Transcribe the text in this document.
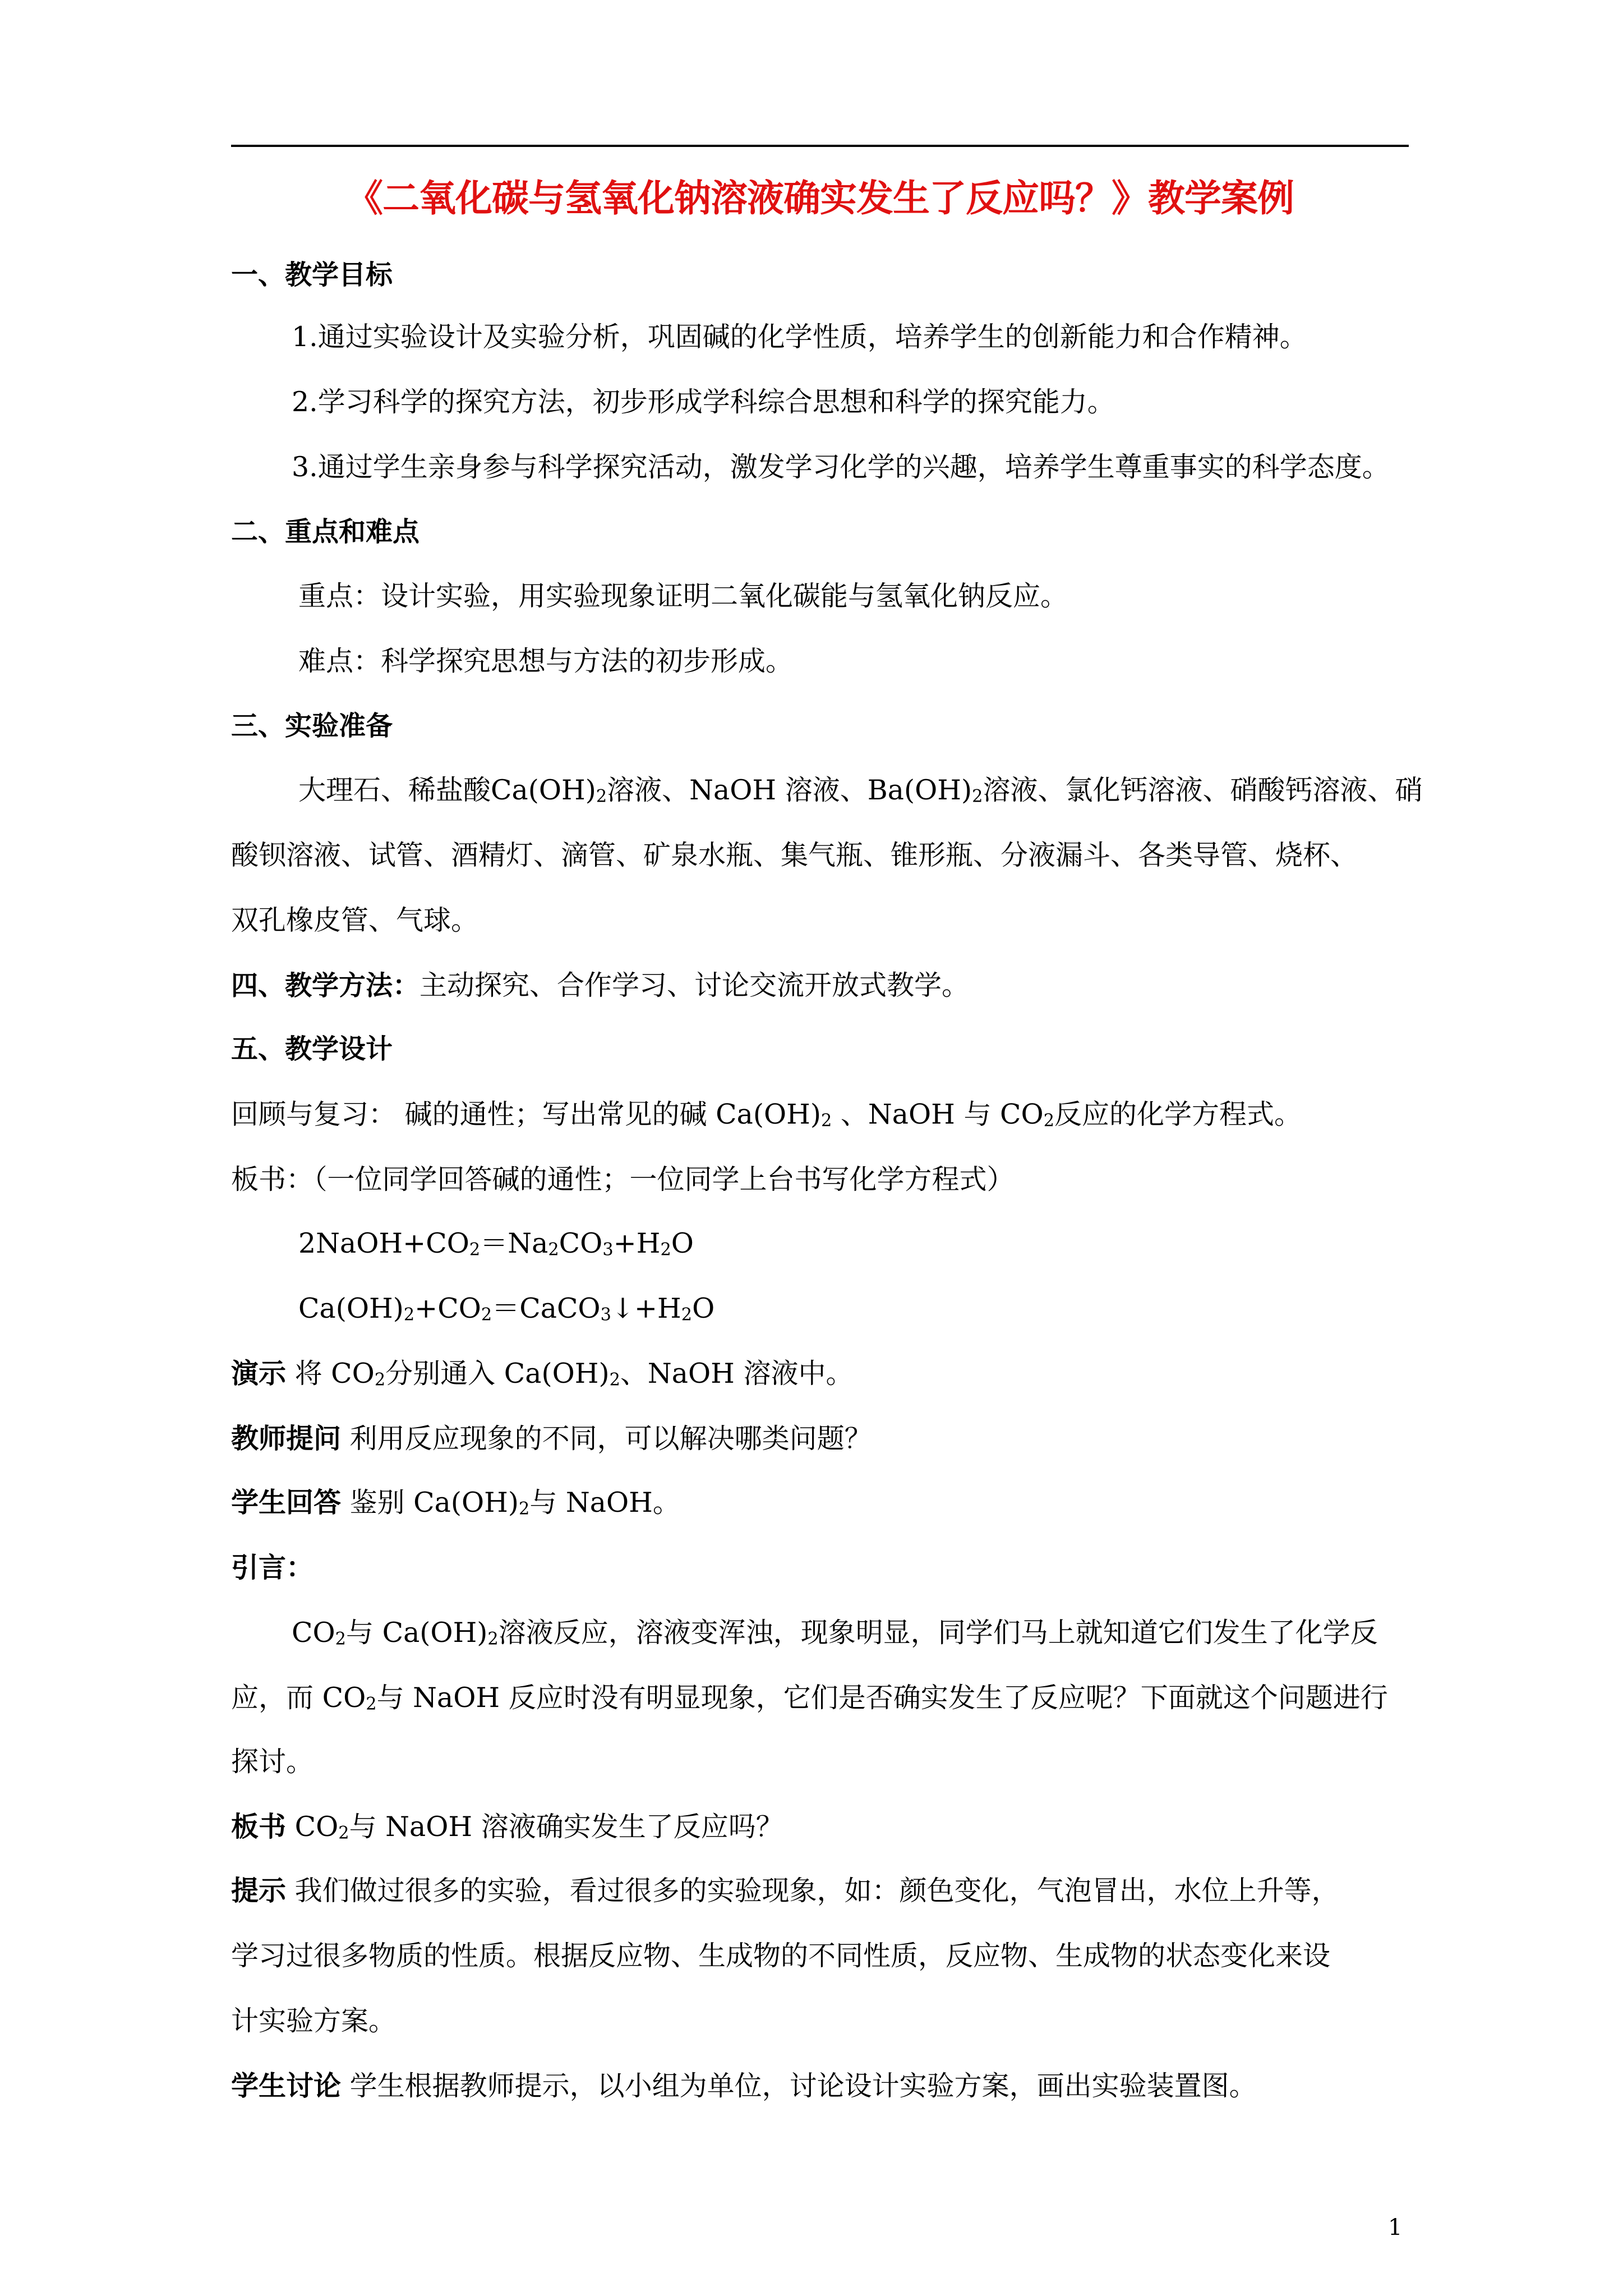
《二氧化碳与氢氧化钠溶液确实发生了反应吗？》教学案例
一、教学目标
1.通过实验设计及实验分析，巩固碱的化学性质，培养学生的创新能力和合作精神。
2.学习科学的探究方法，初步形成学科综合思想和科学的探究能力。
3.通过学生亲身参与科学探究活动，激发学习化学的兴趣，培养学生尊重事实的科学态度。
二、重点和难点
重点：设计实验，用实验现象证明二氧化碳能与氢氧化钠反应。
难点：科学探究思想与方法的初步形成。
三、实验准备
大理石、稀盐酸$Ca(OH)_2$溶液、NaOH 溶液、$Ba(OH)_2$溶液、氯化钙溶液、硝酸钙溶液、硝
酸钡溶液、试管、酒精灯、滴管、矿泉水瓶、集气瓶、锥形瓶、分液漏斗、各类导管、烧杯、
双孔橡皮管、气球。
四、教学方法：主动探究、合作学习、讨论交流开放式教学。
五、教学设计
回顾与复习： 碱的通性；写出常见的碱 $Ca(OH)_2$ 、NaOH 与 $CO_2$反应的化学方程式。
板书：（一位同学回答碱的通性；一位同学上台书写化学方程式）
$2NaOH+CO_2=Na_2CO_3+H_2O$
$Ca(OH)_2+CO_2=CaCO_3↓+H_2O$
演示 将 $CO_2$分别通入 $Ca(OH)_2$、NaOH 溶液中。
教师提问 利用反应现象的不同，可以解决哪类问题？
学生回答 鉴别 $Ca(OH)_2$与 NaOH。
引言：
$CO_2$与 $Ca(OH)_2$溶液反应，溶液变浑浊，现象明显，同学们马上就知道它们发生了化学反
应，而 $CO_2$与 NaOH 反应时没有明显现象，它们是否确实发生了反应呢？下面就这个问题进行
探讨。
板书 $CO_2$与 NaOH 溶液确实发生了反应吗？
提示 我们做过很多的实验，看过很多的实验现象，如：颜色变化，气泡冒出，水位上升等，
学习过很多物质的性质。根据反应物、生成物的不同性质，反应物、生成物的状态变化来设
计实验方案。
学生讨论 学生根据教师提示，以小组为单位，讨论设计实验方案，画出实验装置图。
1
